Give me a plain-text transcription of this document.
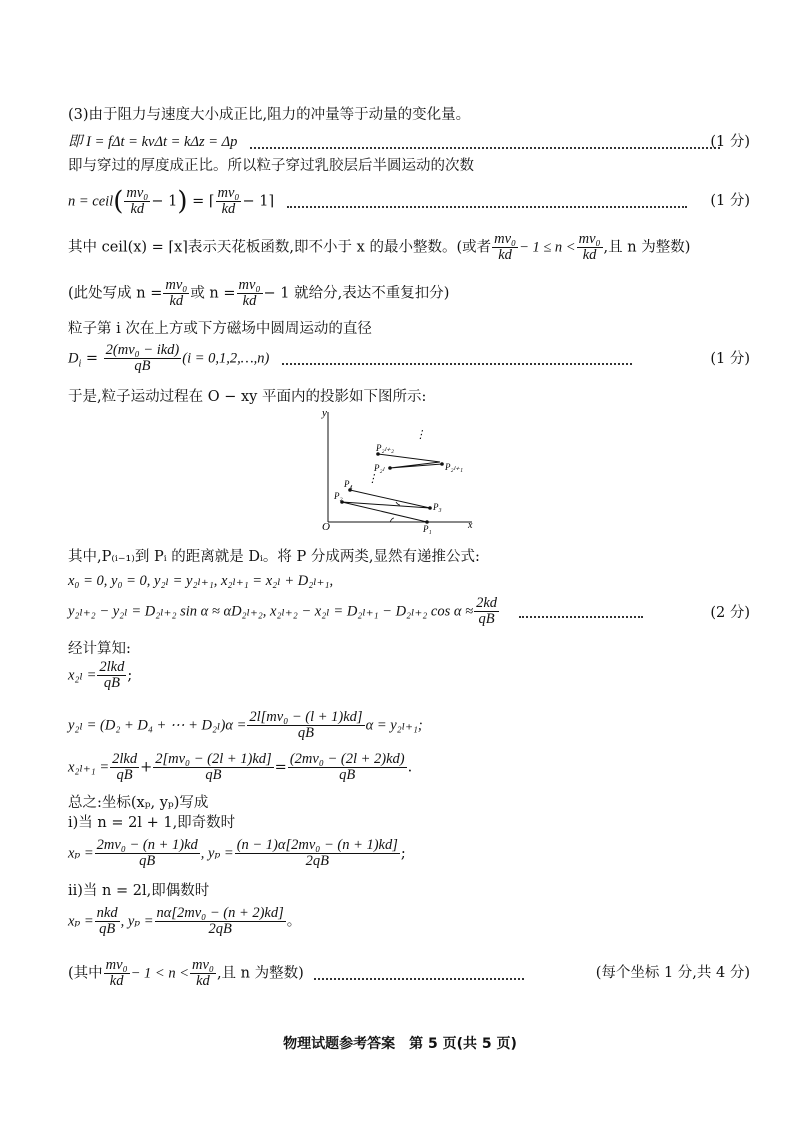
(3)由于阻力与速度大小成正比,阻力的冲量等于动量的变化量。
即 I = fΔt = kvΔt = kΔz = Δp	(1 分)
即与穿过的厚度成正比。所以粒子穿过乳胶层后半圆运动的次数
n = ceil( $\frac{\text{mv₀}}{kd} - 1$) = ⌈ $\frac{\text{mv₀}}{kd}$ − 1⌉	(1 分)
其中 ceil(x) = ⌈x⌉表示天花板函数,即不小于 x 的最小整数。(或者 $\frac{\text{mv₀}}{kd} - 1 \le n < \frac{\text{mv₀}}{kd}$ ,且 n 为整数)
(此处写成 $n = \frac{\text{mv₀}}{kd}$ 或 $n = \frac{\text{mv₀}}{kd} - 1$ 就给分,表达不重复扣分)
粒子第 i 次在上方或下方磁场中圆周运动的直径
$D_i = \frac{\text{2(mv₀ − ikd)}}{qB} (i$ = 0,1,2,…,n)	(1 分)
于是,粒子运动过程在 O − xy 平面内的投影如下图所示:
y
x
O	P₁
P₂
P₃
P₄
P₂ₗ₊₂
P₂ₗ	P₂ₗ₊₁
⋮
⋮
其中,P₍ᵢ₋₁₎到 Pᵢ 的距离就是 Dᵢ。将 P 分成两类,显然有递推公式:
x₀ = 0, y₀ = 0, y₂ₗ = y₂ₗ₊₁, x₂ₗ₊₁ = x₂ₗ + D₂ₗ₊₁,
y₂ₗ₊₂ − y₂ₗ = D₂ₗ₊₂ sin α ≈ αD₂ₗ₊₂, x₂ₗ₊₂ − x₂ₗ = D₂ₗ₊₁ − D₂ₗ₊₂ $\cos \alpha \approx \frac{2kd}{qB}$
	(2 分)
经计算知:
$x_{2l} = \frac{\text{2lkd}}{qB}$ ;
y₂ₗ = (D₂ + D₄ + ⋯ + $D_{2l})\alpha = \frac{\text{2l[mv₀ − (l + 1)kd]}}{qB}$ α = y₂ₗ₊₁;
$x_{2l+1} = \frac{\text{2lkd}}{qB} + \frac{\text{2[mv₀ − (2l + 1)kd]}}{qB} = \frac{\text{(2mv₀ − (2l + 2)kd)}}{qB}$ .
总之:坐标(xₚ, yₚ)写成
ⅰ)当 n = 2l + 1,即奇数时
$x_p = \frac{\text{2mv₀ − (n + 1)kd}}{qB}$ , $y_p = \frac{\text{(n − 1)α[2mv₀ − (n + 1)kd]}}{2qB}$ ;
ⅱ)当 n = 2l,即偶数时
$x_p = \frac{\text{nkd}}{qB}$ , $y_p = \frac{\text{nα[2mv₀ − (n + 2)kd]}}{2qB}$ 。
(其中 $\frac{\text{mv₀}}{kd} - 1 < n < \frac{\text{mv₀}}{kd}$ ,且 n 为整数)	(每个坐标 1 分,共 4 分)
物理试题参考答案　第 5 页(共 5 页)
